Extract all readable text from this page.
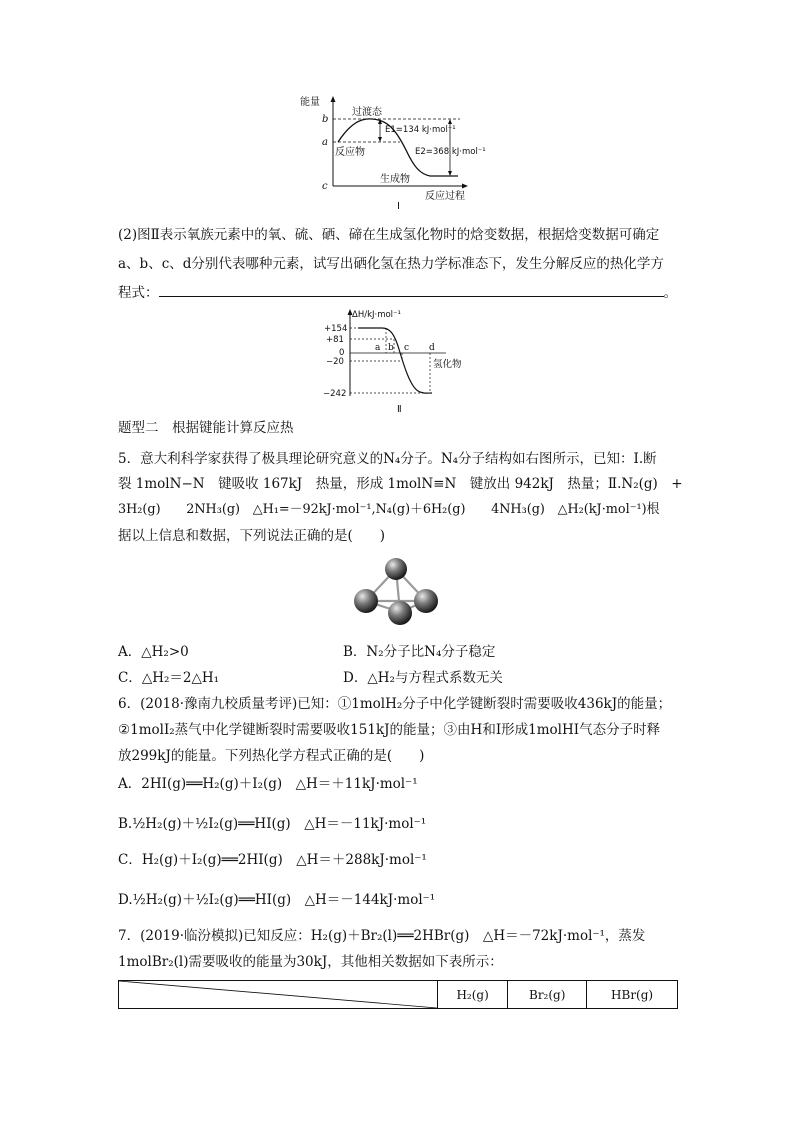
能量
b
a
c
过渡态
反应物
生成物
E1=134 kJ·mol⁻¹
E2=368 kJ·mol⁻¹
反应过程
Ⅰ
(2)图Ⅱ表示氧族元素中的氧、硫、硒、碲在生成氢化物时的焓变数据，根据焓变数据可确定
a、b、c、d分别代表哪种元素，试写出硒化氢在热力学标准态下，发生分解反应的热化学方
程式：	。
ΔH/kJ·mol⁻¹
+154
+81
0
−20
−242
a b c d
氢化物
Ⅱ
题型二　根据键能计算反应热
5．意大利科学家获得了极具理论研究意义的N₄分子。N₄分子结构如右图所示，已知：Ⅰ.断
裂 1molN−N　键吸收 167kJ　热量，形成 1molN≡N　键放出 942kJ　热量；Ⅱ.N₂(g)　+
3H₂(g)　　2NH₃(g)　△H₁=－92kJ·mol⁻¹,N₄(g)＋6H₂(g)　　4NH₃(g)　△H₂(kJ·mol⁻¹)根
据以上信息和数据，下列说法正确的是(　　)
A．△H₂>0	B．N₂分子比N₄分子稳定
C．△H₂＝2△H₁	D．△H₂与方程式系数无关
6．(2018·豫南九校质量考评)已知：①1molH₂分子中化学键断裂时需要吸收436kJ的能量；
②1molI₂蒸气中化学键断裂时需要吸收151kJ的能量；③由H和I形成1molHI气态分子时释
放299kJ的能量。下列热化学方程式正确的是(　　)
A．2HI(g)══H₂(g)＋I₂(g)　△H＝＋11kJ·mol⁻¹
B.½H₂(g)＋½I₂(g)══HI(g)　△H＝－11kJ·mol⁻¹
C．H₂(g)＋I₂(g)══2HI(g)　△H＝＋288kJ·mol⁻¹
D.½H₂(g)＋½I₂(g)══HI(g)　△H＝－144kJ·mol⁻¹
7．(2019·临汾模拟)已知反应：H₂(g)＋Br₂(l)══2HBr(g)　△H＝－72kJ·mol⁻¹，蒸发
1molBr₂(l)需要吸收的能量为30kJ，其他相关数据如下表所示：
	H₂(g)	Br₂(g)	HBr(g)
